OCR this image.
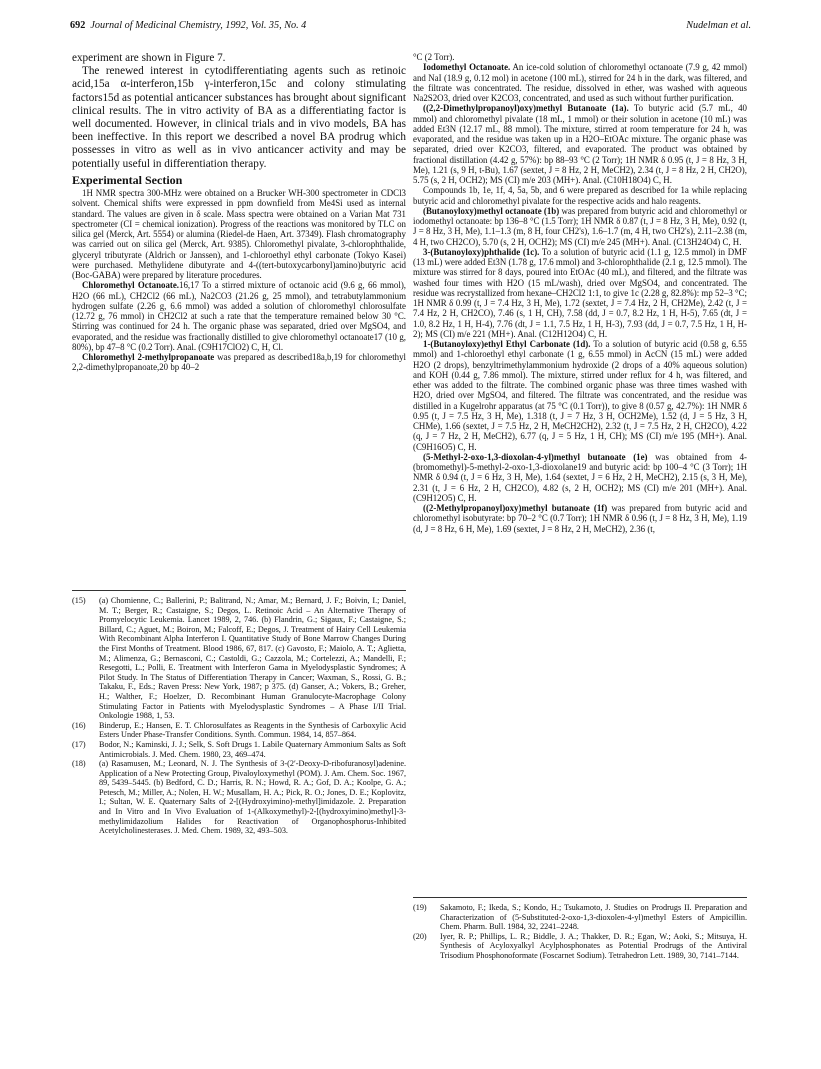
692 Journal of Medicinal Chemistry, 1992, Vol. 35, No. 4	Nudelman et al.

experiment are shown in Figure 7.

The renewed interest in cytodifferentiating agents such as retinoic acid,15a α-interferon,15b γ-interferon,15c and colony stimulating factors15d as potential anticancer substances has brought about significant clinical results. The in vitro activity of BA as a differentiating factor is well documented. However, in clinical trials and in vivo models, BA has been ineffective. In this report we described a novel BA prodrug which possesses in vitro as well as in vivo anticancer activity and may be potentially useful in differentiation therapy.

Experimental Section

1H NMR spectra 300-MHz were obtained on a Brucker WH-300 spectrometer in CDCl3 solvent. Chemical shifts were expressed in ppm downfield from Me4Si used as internal standard. The values are given in δ scale. Mass spectra were obtained on a Varian Mat 731 spectrometer (CI = chemical ionization). Progress of the reactions was monitored by TLC on silica gel (Merck, Art. 5554) or alumina (Riedel-de Haen, Art. 37349). Flash chromatography was carried out on silica gel (Merck, Art. 9385). Chloromethyl pivalate, 3-chlorophthalide, glyceryl tributyrate (Aldrich or Janssen), and 1-chloroethyl ethyl carbonate (Tokyo Kasei) were purchased. Methylidene dibutyrate and 4-((tert-butoxycarbonyl)amino)butyric acid (Boc-GABA) were prepared by literature procedures.

Chloromethyl Octanoate.16,17 To a stirred mixture of octanoic acid (9.6 g, 66 mmol), H2O (66 mL), CH2Cl2 (66 mL), Na2CO3 (21.26 g, 25 mmol), and tetrabutylammonium hydrogen sulfate (2.26 g, 6.6 mmol) was added a solution of chloromethyl chlorosulfate (12.72 g, 76 mmol) in CH2Cl2 at such a rate that the temperature remained below 30 °C. Stirring was continued for 24 h. The organic phase was separated, dried over MgSO4, and evaporated, and the residue was fractionally distilled to give chloromethyl octanoate17 (10 g, 80%), bp 47–8 °C (0.2 Torr). Anal. (C9H17ClO2) C, H, Cl.

Chloromethyl 2-methylpropanoate was prepared as described18a,b,19 for chloromethyl 2,2-dimethylpropanoate,20 bp 40–2

(15) (a) Chomienne, C.; Ballerini, P.; Balitrand, N.; Amar, M.; Bernard, J. F.; Boivin, I.; Daniel, M. T.; Berger, R.; Castaigne, S.; Degos, L. Retinoic Acid – An Alternative Therapy of Promyelocytic Leukemia. Lancet 1989, 2, 746. (b) Flandrin, G.; Sigaux, F.; Castaigne, S.; Billard, C.; Aguet, M.; Boiron, M.; Falcoff, E.; Degos, J. Treatment of Hairy Cell Leukemia With Recombinant Alpha Interferon I. Quantitative Study of Bone Marrow Changes During the First Months of Treatment. Blood 1986, 67, 817. (c) Gavosto, F.; Maiolo, A. T.; Aglietta, M.; Alimenza, G.; Bernasconi, C.; Castoldi, G.; Cazzola, M.; Cortelezzi, A.; Mandelli, F.; Resegotti, L.; Polli, E. Treatment with Interferon Gama in Myelodysplastic Syndromes; A Pilot Study. In The Status of Differentiation Therapy in Cancer; Waxman, S., Rossi, G. B.; Takaku, F., Eds.; Raven Press: New York, 1987; p 375. (d) Ganser, A.; Vokers, B.; Greher, H.; Walther, F.; Hoelzer, D. Recombinant Human Granulocyte-Macrophage Colony Stimulating Factor in Patients with Myelodysplastic Syndromes – A Phase I/II Trial. Onkologie 1988, 1, 53.
(16) Binderup, E.; Hansen, E. T. Chlorosulfates as Reagents in the Synthesis of Carboxylic Acid Esters Under Phase-Transfer Conditions. Synth. Commun. 1984, 14, 857–864.
(17) Bodor, N.; Kaminski, J. J.; Selk, S. Soft Drugs 1. Labile Quaternary Ammonium Salts as Soft Antimicrobials. J. Med. Chem. 1980, 23, 469–474.
(18) (a) Rasamusen, M.; Leonard, N. J. The Synthesis of 3-(2′-Deoxy-D-ribofuranosyl)adenine. Application of a New Protecting Group, Pivaloyloxymethyl (POM). J. Am. Chem. Soc. 1967, 89, 5439–5445. (b) Bedford, C. D.; Harris, R. N.; Howd, R. A.; Gof, D. A.; Koolpe, G. A.; Petesch, M.; Miller, A.; Nolen, H. W.; Musallam, H. A.; Pick, R. O.; Jones, D. E.; Koplovitz, I.; Sultan, W. E. Quaternary Salts of 2-[(Hydroxyimino)-methyl]imidazole. 2. Preparation and In Vitro and In Vivo Evaluation of 1-(Alkoxymethyl)-2-[(hydroxyimino)methyl]-3-methylimidazolium Halides for Reactivation of Organophosphorus-Inhibited Acetylcholinesterases. J. Med. Chem. 1989, 32, 493–503.

°C (2 Torr).

Iodomethyl Octanoate. An ice-cold solution of chloromethyl octanoate (7.9 g, 42 mmol) and NaI (18.9 g, 0.12 mol) in acetone (100 mL), stirred for 24 h in the dark, was filtered, and the filtrate was concentrated. The residue, dissolved in ether, was washed with aqueous Na2S2O3, dried over K2CO3, concentrated, and used as such without further purification.

((2,2-Dimethylpropanoyl)oxy)methyl Butanoate (1a). To butyric acid (5.7 mL, 40 mmol) and chloromethyl pivalate (18 mL, 1 mmol) or their solution in acetone (10 mL) was added Et3N (12.17 mL, 88 mmol). The mixture, stirred at room temperature for 24 h, was evaporated, and the residue was taken up in a H2O–EtOAc mixture. The organic phase was separated, dried over K2CO3, filtered, and evaporated. The product was obtained by fractional distillation (4.42 g, 57%): bp 88–93 °C (2 Torr); 1H NMR δ 0.95 (t, J = 8 Hz, 3 H, Me), 1.21 (s, 9 H, t-Bu), 1.67 (sextet, J = 8 Hz, 2 H, MeCH2), 2.34 (t, J = 8 Hz, 2 H, CH2O), 5.75 (s, 2 H, OCH2); MS (CI) m/e 203 (MH+). Anal. (C10H18O4) C, H.

Compounds 1b, 1e, 1f, 4, 5a, 5b, and 6 were prepared as described for 1a while replacing butyric acid and chloromethyl pivalate for the respective acids and halo reagents.

(Butanoyloxy)methyl octanoate (1b) was prepared from butyric acid and chloromethyl or iodomethyl octanoate: bp 136–8 °C (1.5 Torr); 1H NMR δ 0.87 (t, J = 8 Hz, 3 H, Me), 0.92 (t, J = 8 Hz, 3 H, Me), 1.1–1.3 (m, 8 H, four CH2's), 1.6–1.7 (m, 4 H, two CH2's), 2.11–2.38 (m, 4 H, two CH2CO), 5.70 (s, 2 H, OCH2); MS (CI) m/e 245 (MH+). Anal. (C13H24O4) C, H.

3-(Butanoyloxy)phthalide (1c). To a solution of butyric acid (1.1 g, 12.5 mmol) in DMF (13 mL) were added Et3N (1.78 g, 17.6 mmol) and 3-chlorophthalide (2.1 g, 12.5 mmol). The mixture was stirred for 8 days, poured into EtOAc (40 mL), and filtered, and the filtrate was washed four times with H2O (15 mL/wash), dried over MgSO4, and concentrated. The residue was recrystallized from hexane–CH2Cl2 1:1, to give 1c (2.28 g, 82.8%): mp 52–3 °C; 1H NMR δ 0.99 (t, J = 7.4 Hz, 3 H, Me), 1.72 (sextet, J = 7.4 Hz, 2 H, CH2Me), 2.42 (t, J = 7.4 Hz, 2 H, CH2CO), 7.46 (s, 1 H, CH), 7.58 (dd, J = 0.7, 8.2 Hz, 1 H, H-5), 7.65 (dt, J = 1.0, 8.2 Hz, 1 H, H-4), 7.76 (dt, J = 1.1, 7.5 Hz, 1 H, H-3), 7.93 (dd, J = 0.7, 7.5 Hz, 1 H, H-2); MS (CI) m/e 221 (MH+). Anal. (C12H12O4) C, H.

1-(Butanoyloxy)ethyl Ethyl Carbonate (1d). To a solution of butyric acid (0.58 g, 6.55 mmol) and 1-chloroethyl ethyl carbonate (1 g, 6.55 mmol) in AcCN (15 mL) were added H2O (2 drops), benzyltrimethylammonium hydroxide (2 drops of a 40% aqueous solution) and KOH (0.44 g, 7.86 mmol). The mixture, stirred under reflux for 4 h, was filtered, and ether was added to the filtrate. The combined organic phase was three times washed with H2O, dried over MgSO4, and filtered. The filtrate was concentrated, and the residue was distilled in a Kugelrohr apparatus (at 75 °C (0.1 Torr)), to give 8 (0.57 g, 42.7%): 1H NMR δ 0.95 (t, J = 7.5 Hz, 3 H, Me), 1.318 (t, J = 7 Hz, 3 H, OCH2Me), 1.52 (d, J = 5 Hz, 3 H, CHMe), 1.66 (sextet, J = 7.5 Hz, 2 H, MeCH2CH2), 2.32 (t, J = 7.5 Hz, 2 H, CH2CO), 4.22 (q, J = 7 Hz, 2 H, MeCH2), 6.77 (q, J = 5 Hz, 1 H, CH); MS (CI) m/e 195 (MH+). Anal. (C9H16O5) C, H.

(5-Methyl-2-oxo-1,3-dioxolan-4-yl)methyl butanoate (1e) was obtained from 4-(bromomethyl)-5-methyl-2-oxo-1,3-dioxolane19 and butyric acid: bp 100–4 °C (3 Torr); 1H NMR δ 0.94 (t, J = 6 Hz, 3 H, Me), 1.64 (sextet, J = 6 Hz, 2 H, MeCH2), 2.15 (s, 3 H, Me), 2.31 (t, J = 6 Hz, 2 H, CH2CO), 4.82 (s, 2 H, OCH2); MS (CI) m/e 201 (MH+). Anal. (C9H12O5) C, H.

((2-Methylpropanoyl)oxy)methyl butanoate (1f) was prepared from butyric acid and chloromethyl isobutyrate: bp 70–2 °C (0.7 Torr); 1H NMR δ 0.96 (t, J = 8 Hz, 3 H, Me), 1.19 (d, J = 8 Hz, 6 H, Me), 1.69 (sextet, J = 8 Hz, 2 H, MeCH2), 2.36 (t,

(19) Sakamoto, F.; Ikeda, S.; Kondo, H.; Tsukamoto, J. Studies on Prodrugs II. Preparation and Characterization of (5-Substituted-2-oxo-1,3-dioxolen-4-yl)methyl Esters of Ampicillin. Chem. Pharm. Bull. 1984, 32, 2241–2248.
(20) Iyer, R. P.; Phillips, L. R.; Biddle, J. A.; Thakker, D. R.; Egan, W.; Aoki, S.; Mitsuya, H. Synthesis of Acyloxyalkyl Acylphosphonates as Potential Prodrugs of the Antiviral Trisodium Phosphonoformate (Foscarnet Sodium). Tetrahedron Lett. 1989, 30, 7141–7144.
